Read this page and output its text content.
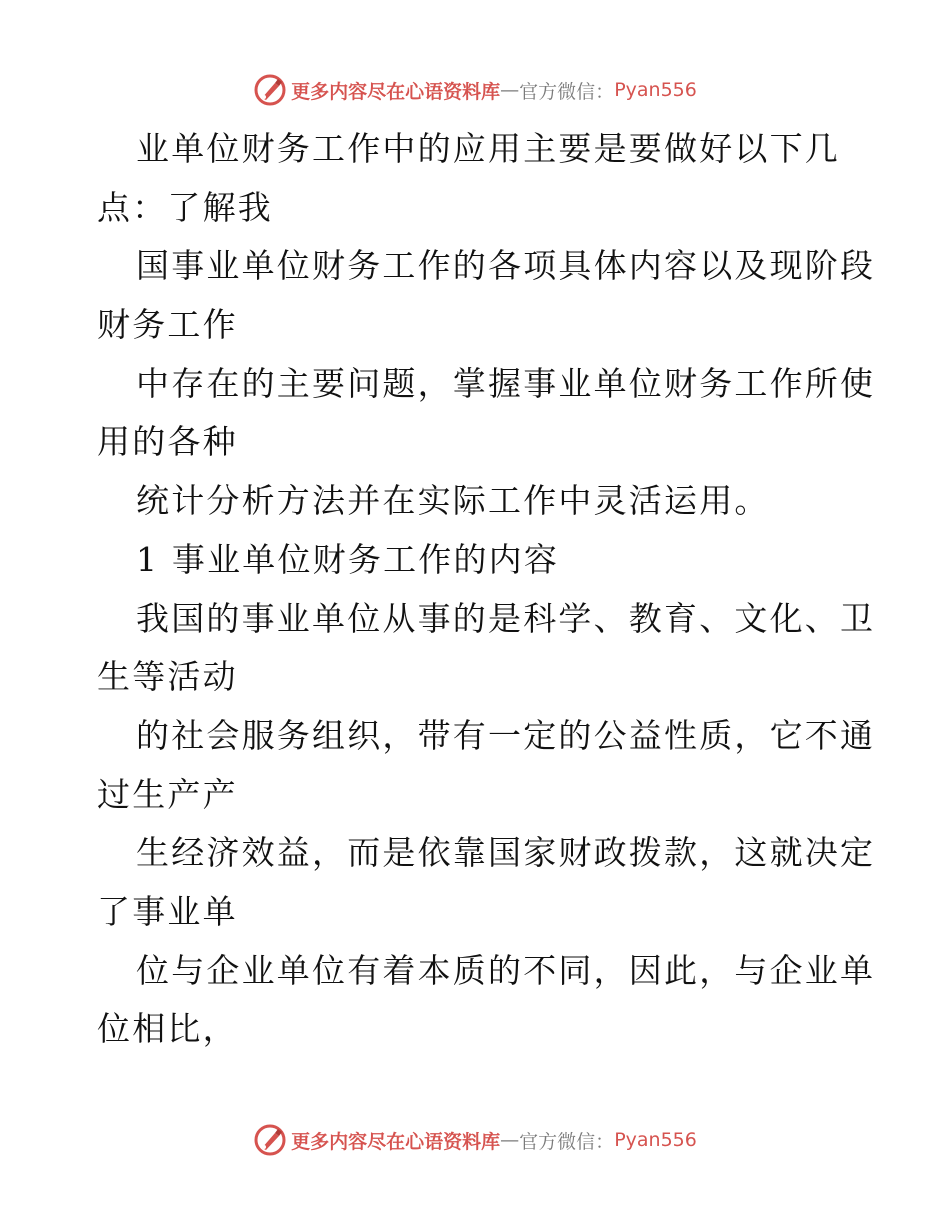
更多内容尽在心语资料库 — 官方微信： Pyan556
业单位财务工作中的应用主要是要做好以下几
点：了解我
国事业单位财务工作的各项具体内容以及现阶段
财务工作
中存在的主要问题，掌握事业单位财务工作所使
用的各种
统计分析方法并在实际工作中灵活运用。
1 事业单位财务工作的内容
我国的事业单位从事的是科学、教育、文化、卫
生等活动
的社会服务组织，带有一定的公益性质，它不通
过生产产
生经济效益，而是依靠国家财政拨款，这就决定
了事业单
位与企业单位有着本质的不同，因此，与企业单
位相比，
更多内容尽在心语资料库 — 官方微信： Pyan556
